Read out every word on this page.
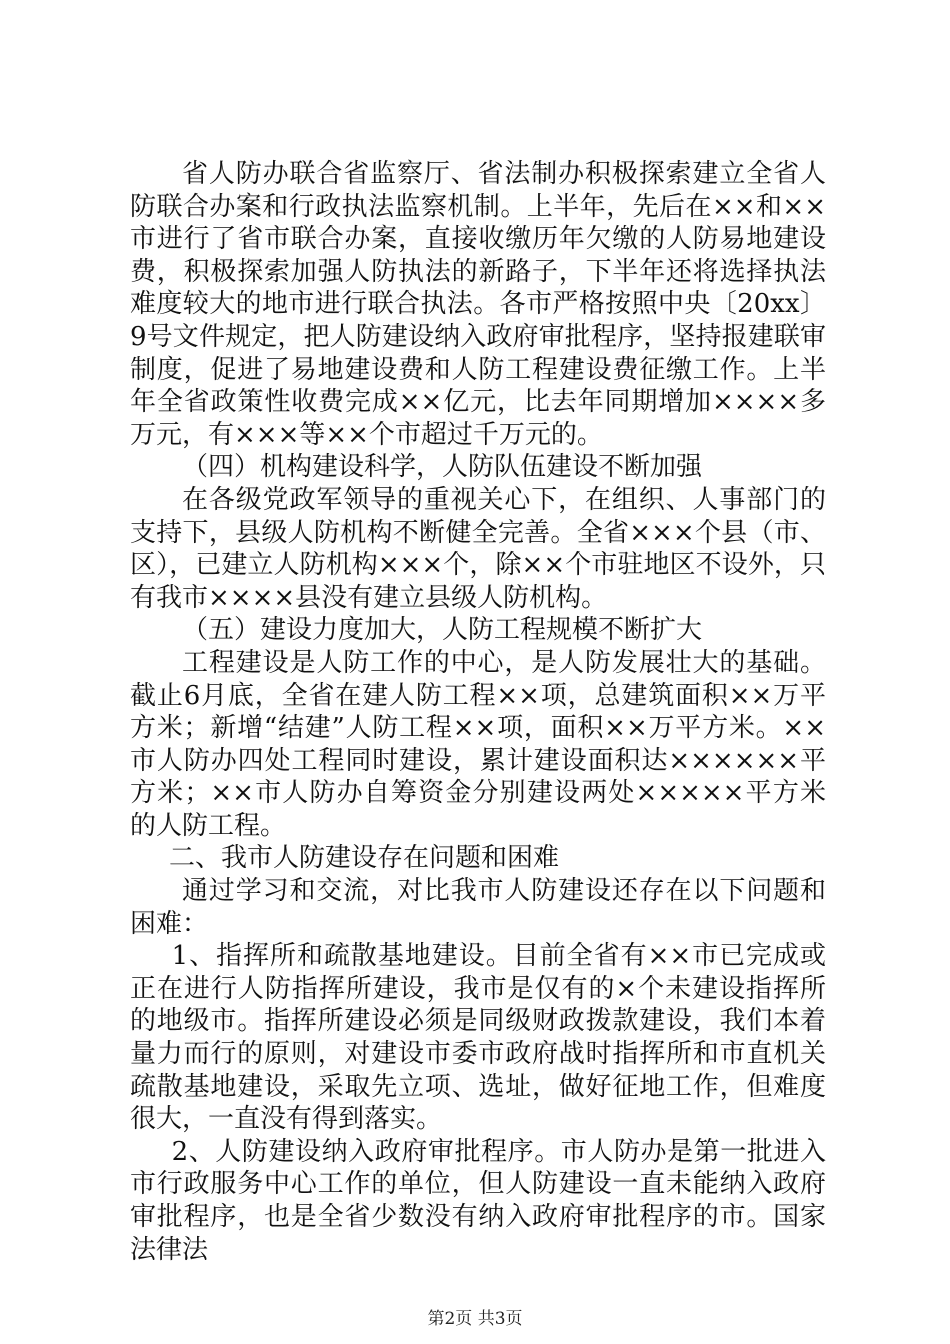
省人防办联合省监察厅、省法制办积极探索建立全省人防联合办案和行政执法监察机制。上半年，先后在××和××市进行了省市联合办案，直接收缴历年欠缴的人防易地建设费，积极探索加强人防执法的新路子，下半年还将选择执法难度较大的地市进行联合执法。各市严格按照中央〔20xx〕9号文件规定，把人防建设纳入政府审批程序，坚持报建联审制度，促进了易地建设费和人防工程建设费征缴工作。上半年全省政策性收费完成××亿元，比去年同期增加××××多万元，有×××等××个市超过千万元的。

（四）机构建设科学，人防队伍建设不断加强

在各级党政军领导的重视关心下，在组织、人事部门的支持下，县级人防机构不断健全完善。全省×××个县（市、区），已建立人防机构×××个，除××个市驻地区不设外，只有我市××××县没有建立县级人防机构。

（五）建设力度加大，人防工程规模不断扩大

工程建设是人防工作的中心，是人防发展壮大的基础。截止6月底，全省在建人防工程××项，总建筑面积××万平方米；新增“结建”人防工程××项，面积××万平方米。××市人防办四处工程同时建设，累计建设面积达××××××平方米；××市人防办自筹资金分别建设两处×××××平方米的人防工程。

二、我市人防建设存在问题和困难

通过学习和交流，对比我市人防建设还存在以下问题和困难：

1、指挥所和疏散基地建设。目前全省有××市已完成或正在进行人防指挥所建设，我市是仅有的×个未建设指挥所的地级市。指挥所建设必须是同级财政拨款建设，我们本着量力而行的原则，对建设市委市政府战时指挥所和市直机关疏散基地建设，采取先立项、选址，做好征地工作，但难度很大，一直没有得到落实。

2、人防建设纳入政府审批程序。市人防办是第一批进入市行政服务中心工作的单位，但人防建设一直未能纳入政府审批程序，也是全省少数没有纳入政府审批程序的市。国家法律法

第2页 共3页
